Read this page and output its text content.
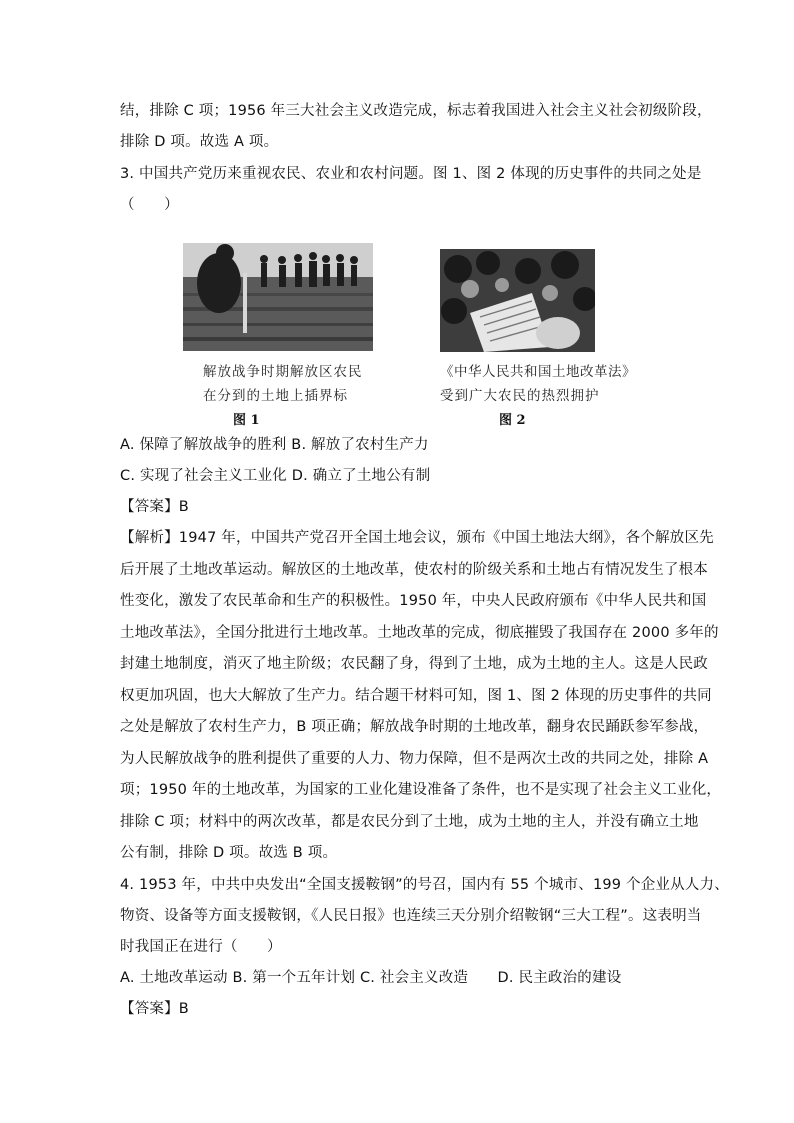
结，排除 C 项；1956 年三大社会主义改造完成，标志着我国进入社会主义社会初级阶段，
排除 D 项。故选 A 项。
3. 中国共产党历来重视农民、农业和农村问题。图 1、图 2 体现的历史事件的共同之处是
（　　）
解放战争时期解放区农民
在分到的土地上插界标
图 1
《中华人民共和国土地改革法》
受到广大农民的热烈拥护
图 2
A. 保障了解放战争的胜利 B. 解放了农村生产力
C. 实现了社会主义工业化 D. 确立了土地公有制
【答案】B
【解析】1947 年，中国共产党召开全国土地会议，颁布《中国土地法大纲》，各个解放区先
后开展了土地改革运动。解放区的土地改革，使农村的阶级关系和土地占有情况发生了根本
性变化，激发了农民革命和生产的积极性。1950 年，中央人民政府颁布《中华人民共和国
土地改革法》，全国分批进行土地改革。土地改革的完成，彻底摧毁了我国存在 2000 多年的
封建土地制度，消灭了地主阶级；农民翻了身，得到了土地，成为土地的主人。这是人民政
权更加巩固，也大大解放了生产力。结合题干材料可知，图 1、图 2 体现的历史事件的共同
之处是解放了农村生产力，B 项正确；解放战争时期的土地改革，翻身农民踊跃参军参战，
为人民解放战争的胜利提供了重要的人力、物力保障，但不是两次土改的共同之处，排除 A
项；1950 年的土地改革，为国家的工业化建设准备了条件，也不是实现了社会主义工业化，
排除 C 项；材料中的两次改革，都是农民分到了土地，成为土地的主人，并没有确立土地
公有制，排除 D 项。故选 B 项。
4. 1953 年，中共中央发出“全国支援鞍钢”的号召，国内有 55 个城市、199 个企业从人力、
物资、设备等方面支援鞍钢，《人民日报》也连续三天分别介绍鞍钢“三大工程”。这表明当
时我国正在进行（　　）
A. 土地改革运动 B. 第一个五年计划 C. 社会主义改造　　D. 民主政治的建设
【答案】B
